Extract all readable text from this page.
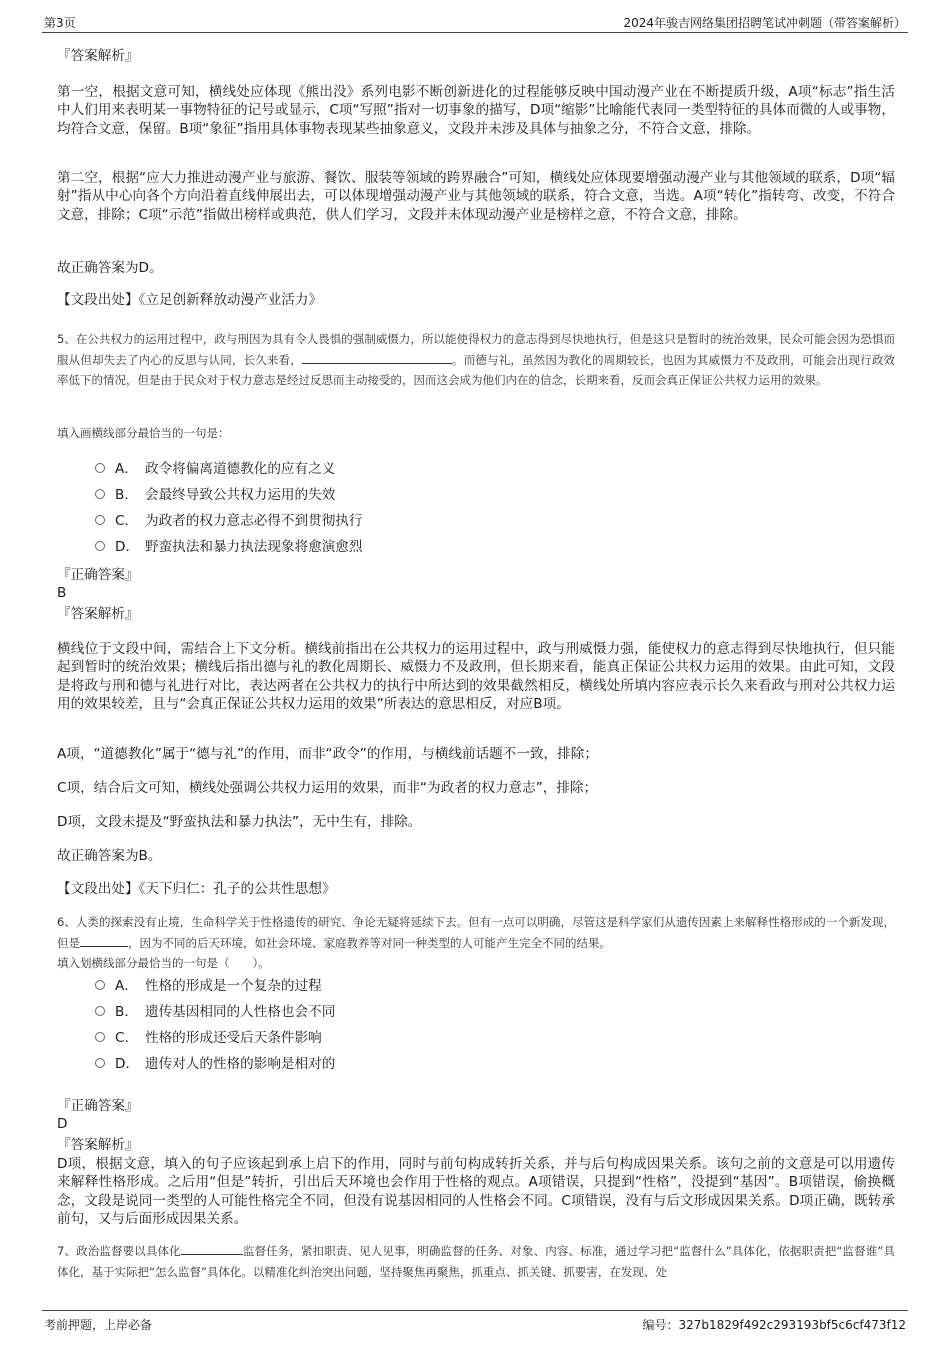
第3页	2024年骏吉网络集团招聘笔试冲刺题（带答案解析）
『答案解析』
第一空，根据文意可知，横线处应体现《熊出没》系列电影不断创新进化的过程能够反映中国动漫产业在不断提质升级，A项“标志”指生活中人们用来表明某一事物特征的记号或显示，C项“写照”指对一切事象的描写，D项“缩影”比喻能代表同一类型特征的具体而微的人或事物，均符合文意，保留。B项“象征”指用具体事物表现某些抽象意义，文段并未涉及具体与抽象之分，不符合文意，排除。
第二空，根据“应大力推进动漫产业与旅游、餐饮、服装等领域的跨界融合”可知，横线处应体现要增强动漫产业与其他领域的联系，D项“辐射”指从中心向各个方向沿着直线伸展出去，可以体现增强动漫产业与其他领域的联系，符合文意，当选。A项“转化”指转弯、改变，不符合文意，排除；C项“示范”指做出榜样或典范，供人们学习，文段并未体现动漫产业是榜样之意，不符合文意，排除。
故正确答案为D。
【文段出处】《立足创新释放动漫产业活力》
5、在公共权力的运用过程中，政与刑因为具有令人畏惧的强制威慑力，所以能使得权力的意志得到尽快地执行，但是这只是暂时的统治效果，民众可能会因为恐惧而服从但却失去了内心的反思与认同，长久来看，	。而德与礼，虽然因为教化的周期较长，也因为其威慑力不及政刑，可能会出现行政效率低下的情况，但是由于民众对于权力意志是经过反思而主动接受的，因而这会成为他们内在的信念，长期来看，反而会真正保证公共权力运用的效果。
填入画横线部分最恰当的一句是：
A． 政令将偏离道德教化的应有之义
B． 会最终导致公共权力运用的失效
C． 为政者的权力意志必得不到贯彻执行
D． 野蛮执法和暴力执法现象将愈演愈烈
『正确答案』
B
『答案解析』
横线位于文段中间，需结合上下文分析。横线前指出在公共权力的运用过程中，政与刑威慑力强，能使权力的意志得到尽快地执行，但只能起到暂时的统治效果；横线后指出德与礼的教化周期长、威慑力不及政刑，但长期来看，能真正保证公共权力运用的效果。由此可知，文段是将政与刑和德与礼进行对比，表达两者在公共权力的执行中所达到的效果截然相反，横线处所填内容应表示长久来看政与刑对公共权力运用的效果较差，且与“会真正保证公共权力运用的效果”所表达的意思相反，对应B项。
A项，“道德教化”属于“德与礼”的作用，而非“政令”的作用，与横线前话题不一致，排除；
C项，结合后文可知，横线处强调公共权力运用的效果，而非“为政者的权力意志”，排除；
D项，文段未提及“野蛮执法和暴力执法”，无中生有，排除。
故正确答案为B。
【文段出处】《天下归仁：孔子的公共性思想》
6、人类的探索没有止境，生命科学关于性格遗传的研究、争论无疑将延续下去。但有一点可以明确，尽管这是科学家们从遗传因素上来解释性格形成的一个新发现，但是	，因为不同的后天环境，如社会环境、家庭教养等对同一种类型的人可能产生完全不同的结果。
填入划横线部分最恰当的一句是（　　）。
A． 性格的形成是一个复杂的过程
B． 遗传基因相同的人性格也会不同
C． 性格的形成还受后天条件影响
D． 遗传对人的性格的影响是相对的
『正确答案』
D
『答案解析』
D项，根据文意，填入的句子应该起到承上启下的作用，同时与前句构成转折关系，并与后句构成因果关系。该句之前的文意是可以用遗传来解释性格形成。之后用“但是”转折，引出后天环境也会作用于性格的观点。A项错误，只提到“性格”，没提到“基因”。B项错误，偷换概念，文段是说同一类型的人可能性格完全不同，但没有说基因相同的人性格会不同。C项错误，没有与后文形成因果关系。D项正确，既转承前句，又与后面形成因果关系。
7、政治监督要以具体化	监督任务，紧扣职责、见人见事，明确监督的任务、对象、内容、标准，通过学习把“监督什么”具体化，依据职责把“监督谁”具体化，基于实际把“怎么监督”具体化。以精准化纠治突出问题，坚持聚焦再聚焦，抓重点、抓关键、抓要害，在发现、处
考前押题，上岸必备	编号：327b1829f492c293193bf5c6cf473f12
